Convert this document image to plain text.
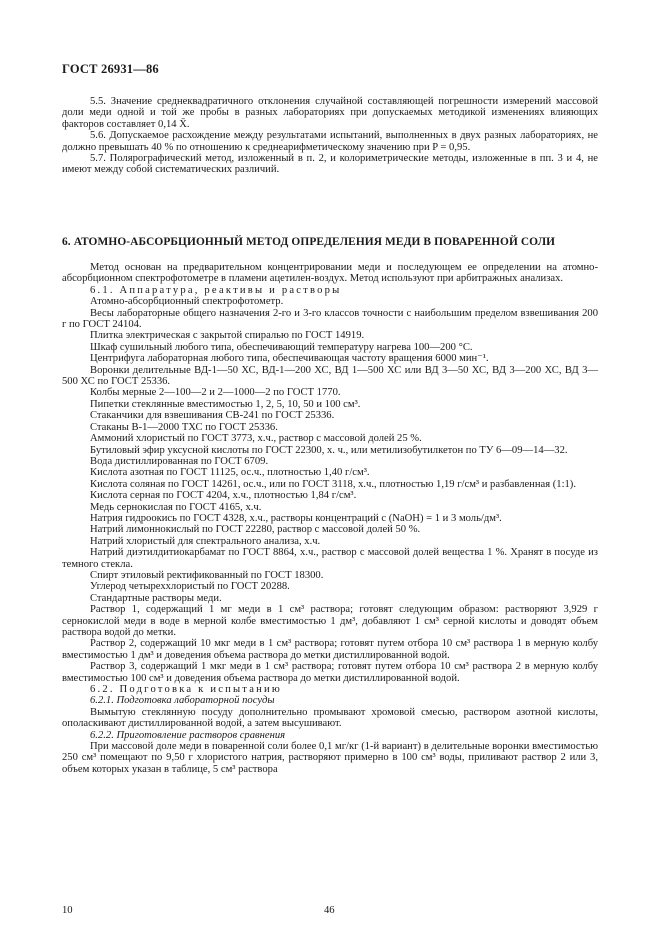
ГОСТ 26931—86

5.5. Значение среднеквадратичного отклонения случайной составляющей погрешности измерений массовой доли меди одной и той же пробы в разных лабораториях при допускаемых методикой изменениях влияющих факторов составляет 0,14 X̄.

5.6. Допускаемое расхождение между результатами испытаний, выполненных в двух разных лабораториях, не должно превышать 40 % по отношению к среднеарифметическому значению при P = 0,95.

5.7. Полярографический метод, изложенный в п. 2, и колориметрические методы, изложенные в пп. 3 и 4, не имеют между собой систематических различий.

6. АТОМНО-АБСОРБЦИОННЫЙ МЕТОД ОПРЕДЕЛЕНИЯ МЕДИ В ПОВАРЕННОЙ СОЛИ

Метод основан на предварительном концентрировании меди и последующем ее определении на атомно-абсорбционном спектрофотометре в пламени ацетилен-воздух. Метод используют при арбитражных анализах.

6.1. Аппаратура, реактивы и растворы

Атомно-абсорбционный спектрофотометр.

Весы лабораторные общего назначения 2-го и 3-го классов точности с наибольшим пределом взвешивания 200 г по ГОСТ 24104.

Плитка электрическая с закрытой спиралью по ГОСТ 14919.

Шкаф сушильный любого типа, обеспечивающий температуру нагрева 100—200 °С.

Центрифуга лабораторная любого типа, обеспечивающая частоту вращения 6000 мин⁻¹.

Воронки делительные ВД-1—50 ХС, ВД-1—200 ХС, ВД 1—500 ХС или ВД 3—50 ХС, ВД 3—200 ХС, ВД 3—500 ХС по ГОСТ 25336.

Колбы мерные 2—100—2 и 2—1000—2 по ГОСТ 1770.

Пипетки стеклянные вместимостью 1, 2, 5, 10, 50 и 100 см³.

Стаканчики для взвешивания СВ-241 по ГОСТ 25336.

Стаканы В-1—2000 ТХС по ГОСТ 25336.

Аммоний хлористый по ГОСТ 3773, х.ч., раствор с массовой долей 25 %.

Бутиловый эфир уксусной кислоты по ГОСТ 22300, х. ч., или метилизобутилкетон по ТУ 6—09—14—32.

Вода дистиллированная по ГОСТ 6709.

Кислота азотная по ГОСТ 11125, ос.ч., плотностью 1,40 г/см³.

Кислота соляная по ГОСТ 14261, ос.ч., или по ГОСТ 3118, х.ч., плотностью 1,19 г/см³ и разбавленная (1:1).

Кислота серная по ГОСТ 4204, х.ч., плотностью 1,84 г/см³.

Медь сернокислая по ГОСТ 4165, х.ч.

Натрия гидроокись по ГОСТ 4328, х.ч., растворы концентраций с (NaOH) = 1 и 3 моль/дм³.

Натрий лимоннокислый по ГОСТ 22280, раствор с массовой долей 50 %.

Натрий хлористый для спектрального анализа, х.ч.

Натрий диэтилдитиокарбамат по ГОСТ 8864, х.ч., раствор с массовой долей вещества 1 %. Хранят в посуде из темного стекла.

Спирт этиловый ректификованный по ГОСТ 18300.

Углерод четыреххлористый по ГОСТ 20288.

Стандартные растворы меди.

Раствор 1, содержащий 1 мг меди в 1 см³ раствора; готовят следующим образом: растворяют 3,929 г сернокислой меди в воде в мерной колбе вместимостью 1 дм³, добавляют 1 см³ серной кислоты и доводят объем раствора водой до метки.

Раствор 2, содержащий 10 мкг меди в 1 см³ раствора; готовят путем отбора 10 см³ раствора 1 в мерную колбу вместимостью 1 дм³ и доведения объема раствора до метки дистиллированной водой.

Раствор 3, содержащий 1 мкг меди в 1 см³ раствора; готовят путем отбора 10 см³ раствора 2 в мерную колбу вместимостью 100 см³ и доведения объема раствора до метки дистиллированной водой.

6.2. Подготовка к испытанию

6.2.1. Подготовка лабораторной посуды

Вымытую стеклянную посуду дополнительно промывают хромовой смесью, раствором азотной кислоты, ополаскивают дистиллированной водой, а затем высушивают.

6.2.2. Приготовление растворов сравнения

При массовой доле меди в поваренной соли более 0,1 мг/кг (1-й вариант) в делительные воронки вместимостью 250 см³ помещают по 9,50 г хлористого натрия, растворяют примерно в 100 см³ воды, приливают раствор 2 или 3, объем которых указан в таблице, 5 см³ раствора

10	46
